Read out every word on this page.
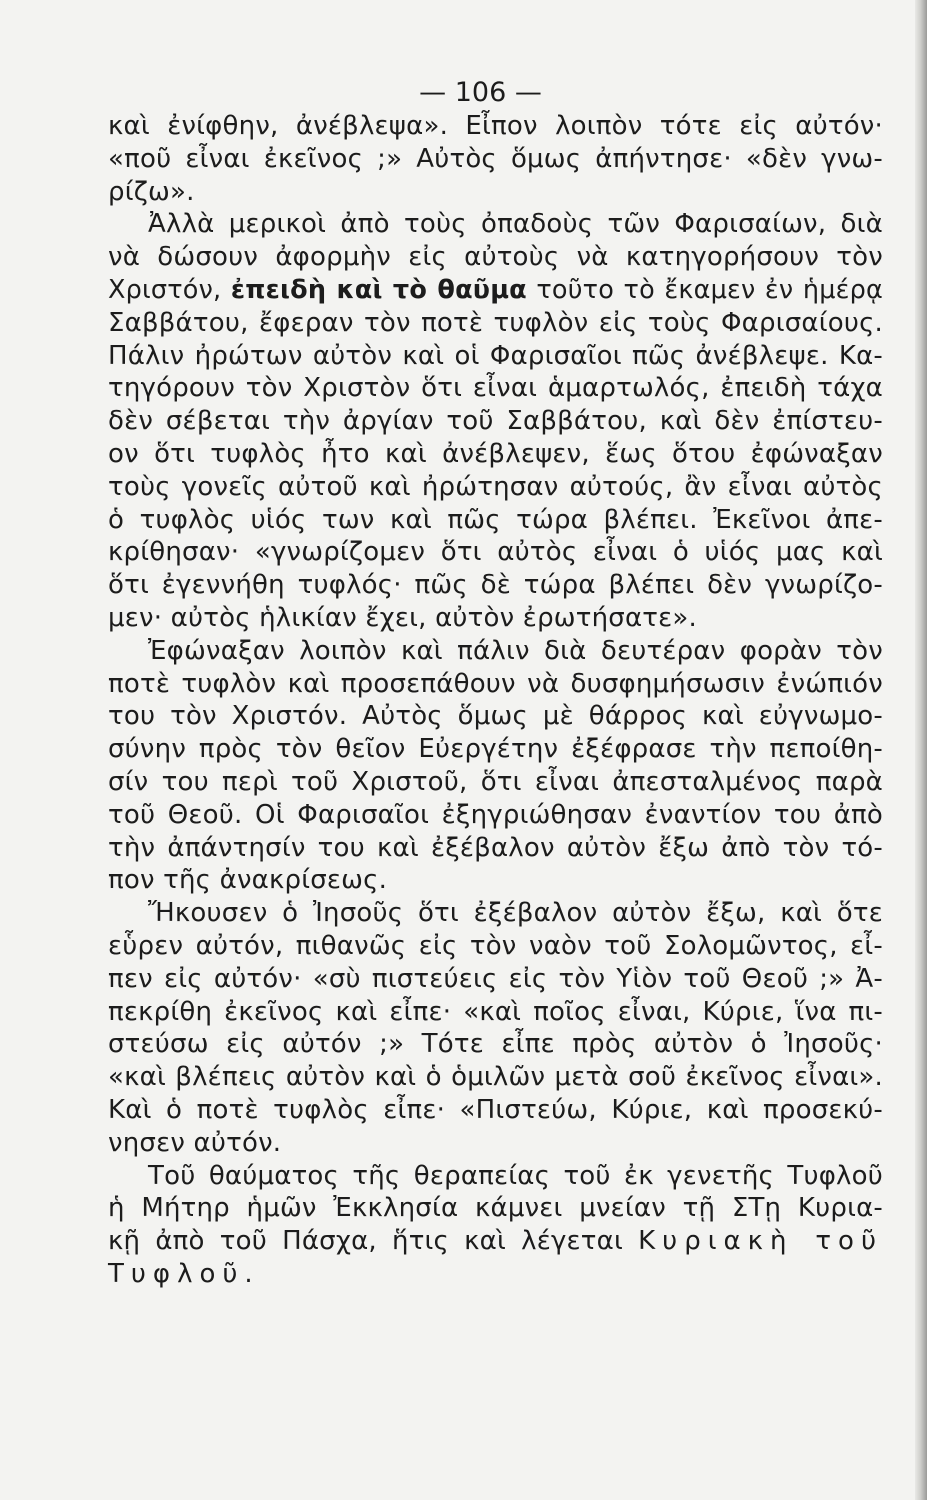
— 106 —
καὶ ἐνίφθην, ἀνέβλεψα». Εἶπον λοιπὸν τότε εἰς αὐτόν·
«ποῦ εἶναι ἐκεῖνος ;» Αὐτὸς ὅμως ἀπήντησε· «δὲν γνω-
ρίζω».
Ἀλλὰ μερικοὶ ἀπὸ τοὺς ὀπαδοὺς τῶν Φαρισαίων, διὰ
νὰ δώσουν ἀφορμὴν εἰς αὐτοὺς νὰ κατηγορήσουν τὸν
Χριστόν, ἐπειδὴ καὶ τὸ θαῦμα τοῦτο τὸ ἔκαμεν ἐν ἡμέρᾳ
Σαββάτου, ἔφεραν τὸν ποτὲ τυφλὸν εἰς τοὺς Φαρισαίους.
Πάλιν ἠρώτων αὐτὸν καὶ οἱ Φαρισαῖοι πῶς ἀνέβλεψε. Κα-
τηγόρουν τὸν Χριστὸν ὅτι εἶναι ἁμαρτωλός, ἐπειδὴ τάχα
δὲν σέβεται τὴν ἀργίαν τοῦ Σαββάτου, καὶ δὲν ἐπίστευ-
ον ὅτι τυφλὸς ἦτο καὶ ἀνέβλεψεν, ἕως ὅτου ἐφώναξαν
τοὺς γονεῖς αὐτοῦ καὶ ἠρώτησαν αὐτούς, ἂν εἶναι αὐτὸς
ὁ τυφλὸς υἱός των καὶ πῶς τώρα βλέπει. Ἐκεῖνοι ἀπε-
κρίθησαν· «γνωρίζομεν ὅτι αὐτὸς εἶναι ὁ υἱός μας καὶ
ὅτι ἐγεννήθη τυφλός· πῶς δὲ τώρα βλέπει δὲν γνωρίζο-
μεν· αὐτὸς ἡλικίαν ἔχει, αὐτὸν ἐρωτήσατε».
Ἐφώναξαν λοιπὸν καὶ πάλιν διὰ δευτέραν φορὰν τὸν
ποτὲ τυφλὸν καὶ προσεπάθουν νὰ δυσφημήσωσιν ἐνώπιόν
του τὸν Χριστόν. Αὐτὸς ὅμως μὲ θάρρος καὶ εὐγνωμο-
σύνην πρὸς τὸν θεῖον Εὐεργέτην ἐξέφρασε τὴν πεποίθη-
σίν του περὶ τοῦ Χριστοῦ, ὅτι εἶναι ἀπεσταλμένος παρὰ
τοῦ Θεοῦ. Οἱ Φαρισαῖοι ἐξηγριώθησαν ἐναντίον του ἀπὸ
τὴν ἀπάντησίν του καὶ ἐξέβαλον αὐτὸν ἔξω ἀπὸ τὸν τό-
πον τῆς ἀνακρίσεως.
Ἤκουσεν ὁ Ἰησοῦς ὅτι ἐξέβαλον αὐτὸν ἔξω, καὶ ὅτε
εὗρεν αὐτόν, πιθανῶς εἰς τὸν ναὸν τοῦ Σολομῶντος, εἶ-
πεν εἰς αὐτόν· «σὺ πιστεύεις εἰς τὸν Υἱὸν τοῦ Θεοῦ ;» Ἀ-
πεκρίθη ἐκεῖνος καὶ εἶπε· «καὶ ποῖος εἶναι, Κύριε, ἵνα πι-
στεύσω εἰς αὐτόν ;» Τότε εἶπε πρὸς αὐτὸν ὁ Ἰησοῦς·
«καὶ βλέπεις αὐτὸν καὶ ὁ ὁμιλῶν μετὰ σοῦ ἐκεῖνος εἶναι».
Καὶ ὁ ποτὲ τυφλὸς εἶπε· «Πιστεύω, Κύριε, καὶ προσεκύ-
νησεν αὐτόν.
Τοῦ θαύματος τῆς θεραπείας τοῦ ἐκ γενετῆς Τυφλοῦ
ἡ Μήτηρ ἡμῶν Ἐκκλησία κάμνει μνείαν τῇ ΣΤῃ Κυρια-
κῇ ἀπὸ τοῦ Πάσχα, ἥτις καὶ λέγεται Κυριακὴ τοῦ
Τυφλοῦ.
